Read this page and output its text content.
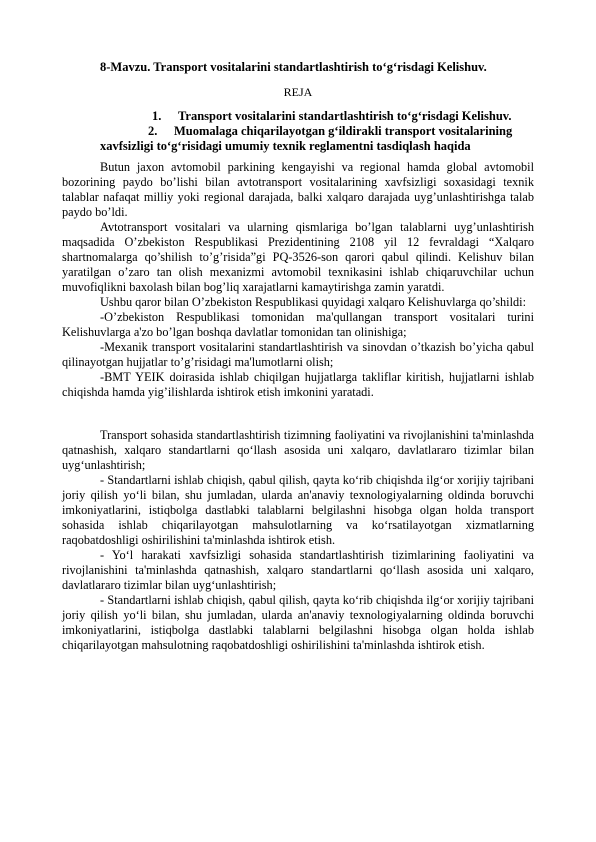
8-Mavzu. Transport vositalarini standartlashtirish to‘g‘risdagi Kelishuv.
REJA
1.	Transport vositalarini standartlashtirish to‘g‘risdagi Kelishuv.
2.	Muomalaga chiqarilayotgan g‘ildirakli transport vositalarining
xavfsizligi to‘g‘risidagi umumiy texnik reglamentni tasdiqlash haqida

Butun jaxon avtomobil parkining kengayishi va regional hamda global avtomobil bozorining paydo bo’lishi bilan avtotransport vositalarining xavfsizligi soxasidagi texnik talablar nafaqat milliy yoki regional darajada, balki xalqaro darajada uyg’unlashtirishga talab paydo bo’ldi.

Avtotransport vositalari va ularning qismlariga bo’lgan talablarni uyg’unlashtirish maqsadida O’zbekiston Respublikasi Prezidentining 2108 yil 12 fevraldagi “Xalqaro shartnomalarga qo’shilish to’g’risida”gi PQ-3526-son qarori qabul qilindi. Kelishuv bilan yaratilgan o’zaro tan olish mexanizmi avtomobil texnikasini ishlab chiqaruvchilar uchun muvofiqlikni baxolash bilan bog’liq xarajatlarni kamaytirishga zamin yaratdi.

Ushbu qaror bilan O’zbekiston Respublikasi quyidagi xalqaro Kelishuvlarga qo’shildi:

-O’zbekiston Respublikasi tomonidan ma'qullangan transport vositalari turini Kelishuvlarga a'zo bo’lgan boshqa davlatlar tomonidan tan olinishiga;

-Mexanik transport vositalarini standartlashtirish va sinovdan o’tkazish bo’yicha qabul qilinayotgan hujjatlar to’g’risidagi ma'lumotlarni olish;

-BMT YEIK doirasida ishlab chiqilgan hujjatlarga takliflar kiritish, hujjatlarni ishlab chiqishda hamda yig’ilishlarda ishtirok etish imkonini yaratadi.

Transport sohasida standartlashtirish tizimning faoliyatini va rivojlanishini ta'minlashda qatnashish, xalqaro standartlarni qo‘llash asosida uni xalqaro, davlatlararo tizimlar bilan uyg‘unlashtirish;

- Standartlarni ishlab chiqish, qabul qilish, qayta ko‘rib chiqishda ilg‘or xorijiy tajribani joriy qilish yo‘li bilan, shu jumladan, ularda an'anaviy texnologiyalarning oldinda boruvchi imkoniyatlarini, istiqbolga dastlabki talablarni belgilashni hisobga olgan holda transport sohasida ishlab chiqarilayotgan mahsulotlarning va ko‘rsatilayotgan xizmatlarning raqobatdoshligi oshirilishini ta'minlashda ishtirok etish.

- Yo‘l harakati xavfsizligi sohasida standartlashtirish tizimlarining faoliyatini va rivojlanishini ta'minlashda qatnashish, xalqaro standartlarni qo‘llash asosida uni xalqaro, davlatlararo tizimlar bilan uyg‘unlashtirish;

- Standartlarni ishlab chiqish, qabul qilish, qayta ko‘rib chiqishda ilg‘or xorijiy tajribani joriy qilish yo‘li bilan, shu jumladan, ularda an'anaviy texnologiyalarning oldinda boruvchi imkoniyatlarini, istiqbolga dastlabki talablarni belgilashni hisobga olgan holda ishlab chiqarilayotgan mahsulotning raqobatdoshligi oshirilishini ta'minlashda ishtirok etish.
